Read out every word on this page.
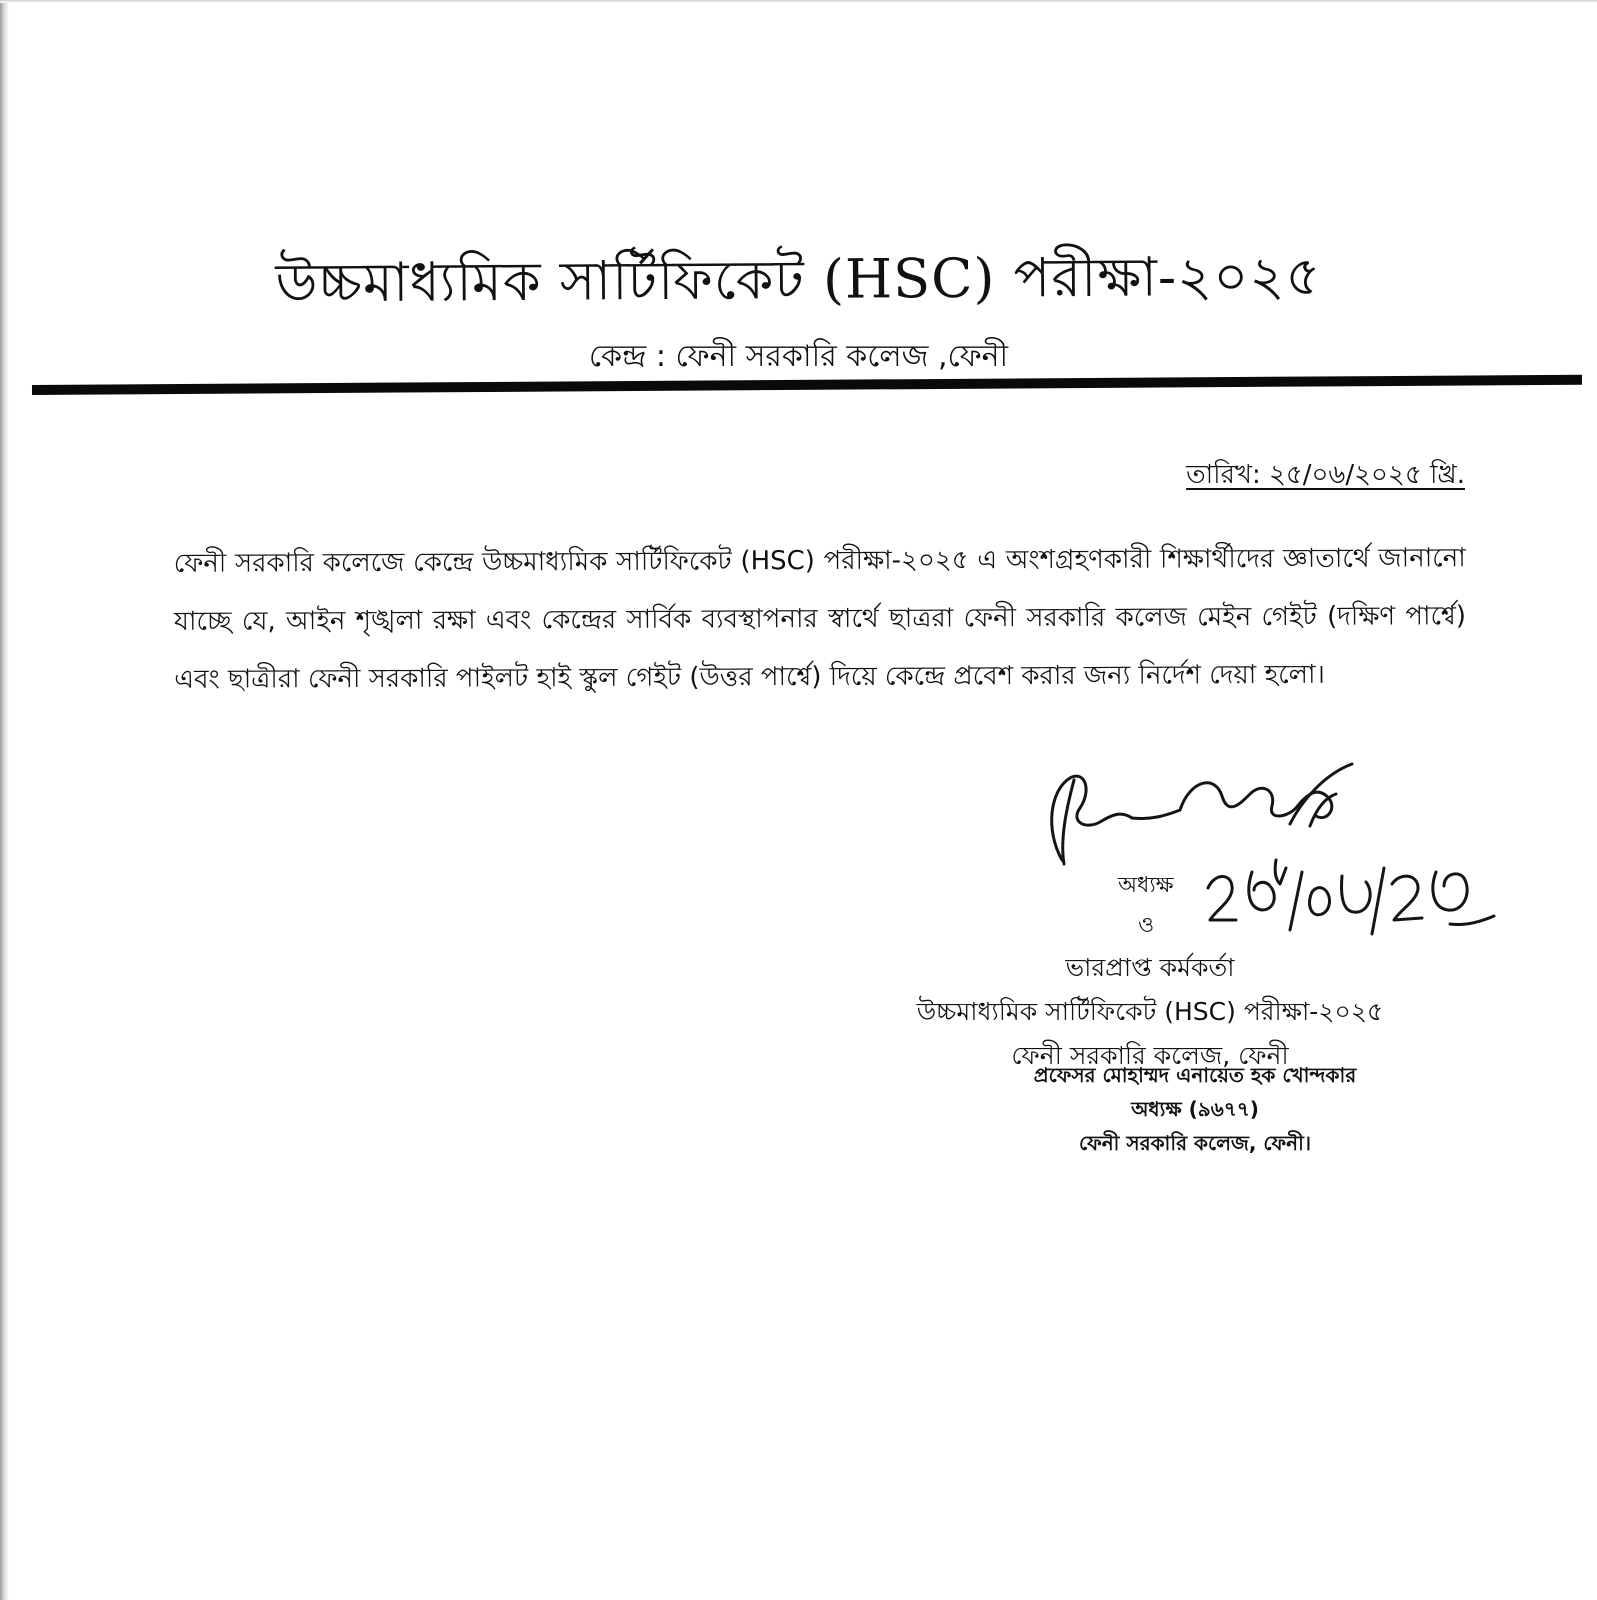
উচ্চমাধ্যমিক সার্টিফিকেট (HSC) পরীক্ষা-২০২৫
কেন্দ্র : ফেনী সরকারি কলেজ ,ফেনী
তারিখ: ২৫/০৬/২০২৫ খ্রি.
ফেনী সরকারি কলেজে কেন্দ্রে উচ্চমাধ্যমিক সার্টিফিকেট (HSC) পরীক্ষা-২০২৫ এ অংশগ্রহণকারী শিক্ষার্থীদের জ্ঞাতার্থে জানানো যাচ্ছে যে, আইন শৃঙ্খলা রক্ষা এবং কেন্দ্রের সার্বিক ব্যবস্থাপনার স্বার্থে ছাত্ররা ফেনী সরকারি কলেজ মেইন গেইট (দক্ষিণ পার্শ্বে) এবং ছাত্রীরা ফেনী সরকারি পাইলট হাই স্কুল গেইট (উত্তর পার্শ্বে) দিয়ে কেন্দ্রে প্রবেশ করার জন্য নির্দেশ দেয়া হলো।
২৫/০৬/২৫
অধ্যক্ষ
ও
ভারপ্রাপ্ত কর্মকর্তা
উচ্চমাধ্যমিক সার্টিফিকেট (HSC) পরীক্ষা-২০২৫
ফেনী সরকারি কলেজ, ফেনী
প্রফেসর মোহাম্মদ এনায়েত হক খোন্দকার
অধ্যক্ষ (৯৬৭৭)
ফেনী সরকারি কলেজ, ফেনী।
